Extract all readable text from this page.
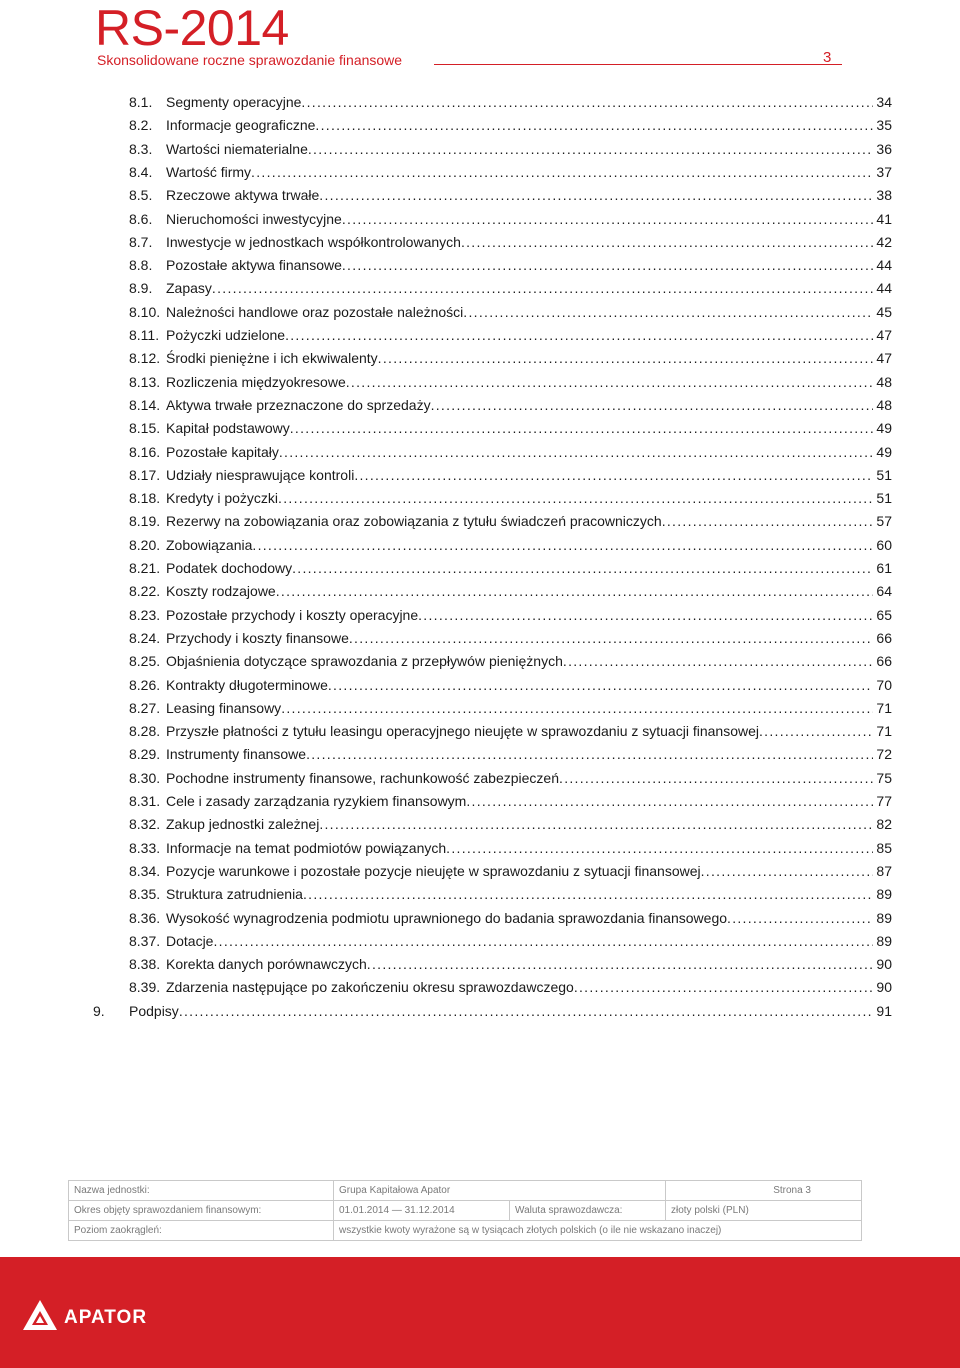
RS-2014
Skonsolidowane roczne sprawozdanie finansowe	3
8.1. Segmenty operacyjne . . .	34
8.2. Informacje geograficzne . . .	35
8.3. Wartości niematerialne . . .	36
8.4. Wartość firmy . . .	37
8.5. Rzeczowe aktywa trwałe . . .	38
8.6. Nieruchomości inwestycyjne . . .	41
8.7. Inwestycje w jednostkach współkontrolowanych . . .	42
8.8. Pozostałe aktywa finansowe . . .	44
8.9. Zapasy . . .	44
8.10. Należności handlowe oraz pozostałe należności . . .	45
8.11. Pożyczki udzielone . . .	47
8.12. Środki pieniężne i ich ekwiwalenty . . .	47
8.13. Rozliczenia międzyokresowe . . .	48
8.14. Aktywa trwałe przeznaczone do sprzedaży . . .	48
8.15. Kapitał podstawowy . . .	49
8.16. Pozostałe kapitały . . .	49
8.17. Udziały niesprawujące kontroli . . .	51
8.18. Kredyty i pożyczki . . .	51
8.19. Rezerwy na zobowiązania oraz zobowiązania z tytułu świadczeń pracowniczych . . .	57
8.20. Zobowiązania . . .	60
8.21. Podatek dochodowy . . .	61
8.22. Koszty rodzajowe . . .	64
8.23. Pozostałe przychody i koszty operacyjne . . .	65
8.24. Przychody i koszty finansowe . . .	66
8.25. Objaśnienia dotyczące sprawozdania z przepływów pieniężnych . . .	66
8.26. Kontrakty długoterminowe . . .	70
8.27. Leasing finansowy . . .	71
8.28. Przyszłe płatności z tytułu leasingu operacyjnego nieujęte w sprawozdaniu z sytuacji finansowej . . .	71
8.29. Instrumenty finansowe . . .	72
8.30. Pochodne instrumenty finansowe, rachunkowość zabezpieczeń . . .	75
8.31. Cele i zasady zarządzania ryzykiem finansowym . . .	77
8.32. Zakup jednostki zależnej . . .	82
8.33. Informacje na temat podmiotów powiązanych . . .	85
8.34. Pozycje warunkowe i pozostałe pozycje nieujęte w sprawozdaniu z sytuacji finansowej . . .	87
8.35. Struktura zatrudnienia . . .	89
8.36. Wysokość wynagrodzenia podmiotu uprawnionego do badania sprawozdania finansowego . . .	89
8.37. Dotacje . . .	89
8.38. Korekta danych porównawczych . . .	90
8.39. Zdarzenia następujące po zakończeniu okresu sprawozdawczego . . .	90
9. Podpisy . . .	91
Nazwa jednostki:	Grupa Kapitałowa Apator		Strona 3
Okres objęty sprawozdaniem finansowym:	01.01.2014 — 31.12.2014	Waluta sprawozdawcza:	złoty polski (PLN)
Poziom zaokrągleń:	wszystkie kwoty wyrażone są w tysiącach złotych polskich (o ile nie wskazano inaczej)		
APATOR
